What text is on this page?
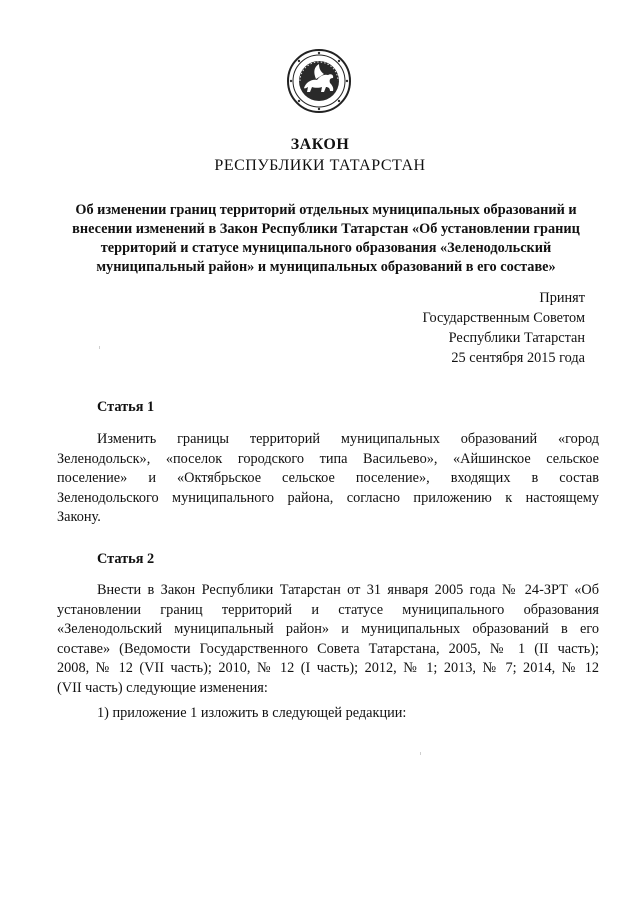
ЗАКОН
РЕСПУБЛИКИ ТАТАРСТАН
Об изменении границ территорий отдельных муниципальных образований и
внесении изменений в Закон Республики Татарстан «Об установлении границ
территорий и статусе муниципального образования «Зеленодольский
муниципальный район» и муниципальных образований в его составе»
Принят
Государственным Советом
Республики Татарстан
25 сентября 2015 года
Статья 1
Изменить границы территорий муниципальных образований «город
Зеленодольск», «поселок городского типа Васильево», «Айшинское сельское
поселение» и «Октябрьское сельское поселение», входящих в состав
Зеленодольского муниципального района, согласно приложению к настоящему
Закону.
Статья 2
Внести в Закон Республики Татарстан от 31 января 2005 года № 24-ЗРТ «Об
установлении границ территорий и статусе муниципального образования
«Зеленодольский муниципальный район» и муниципальных образований в его
составе» (Ведомости Государственного Совета Татарстана, 2005, № 1 (II часть);
2008, № 12 (VII часть); 2010, № 12 (I часть); 2012, № 1; 2013, № 7; 2014, № 12
(VII часть) следующие изменения:
1) приложение 1 изложить в следующей редакции:
